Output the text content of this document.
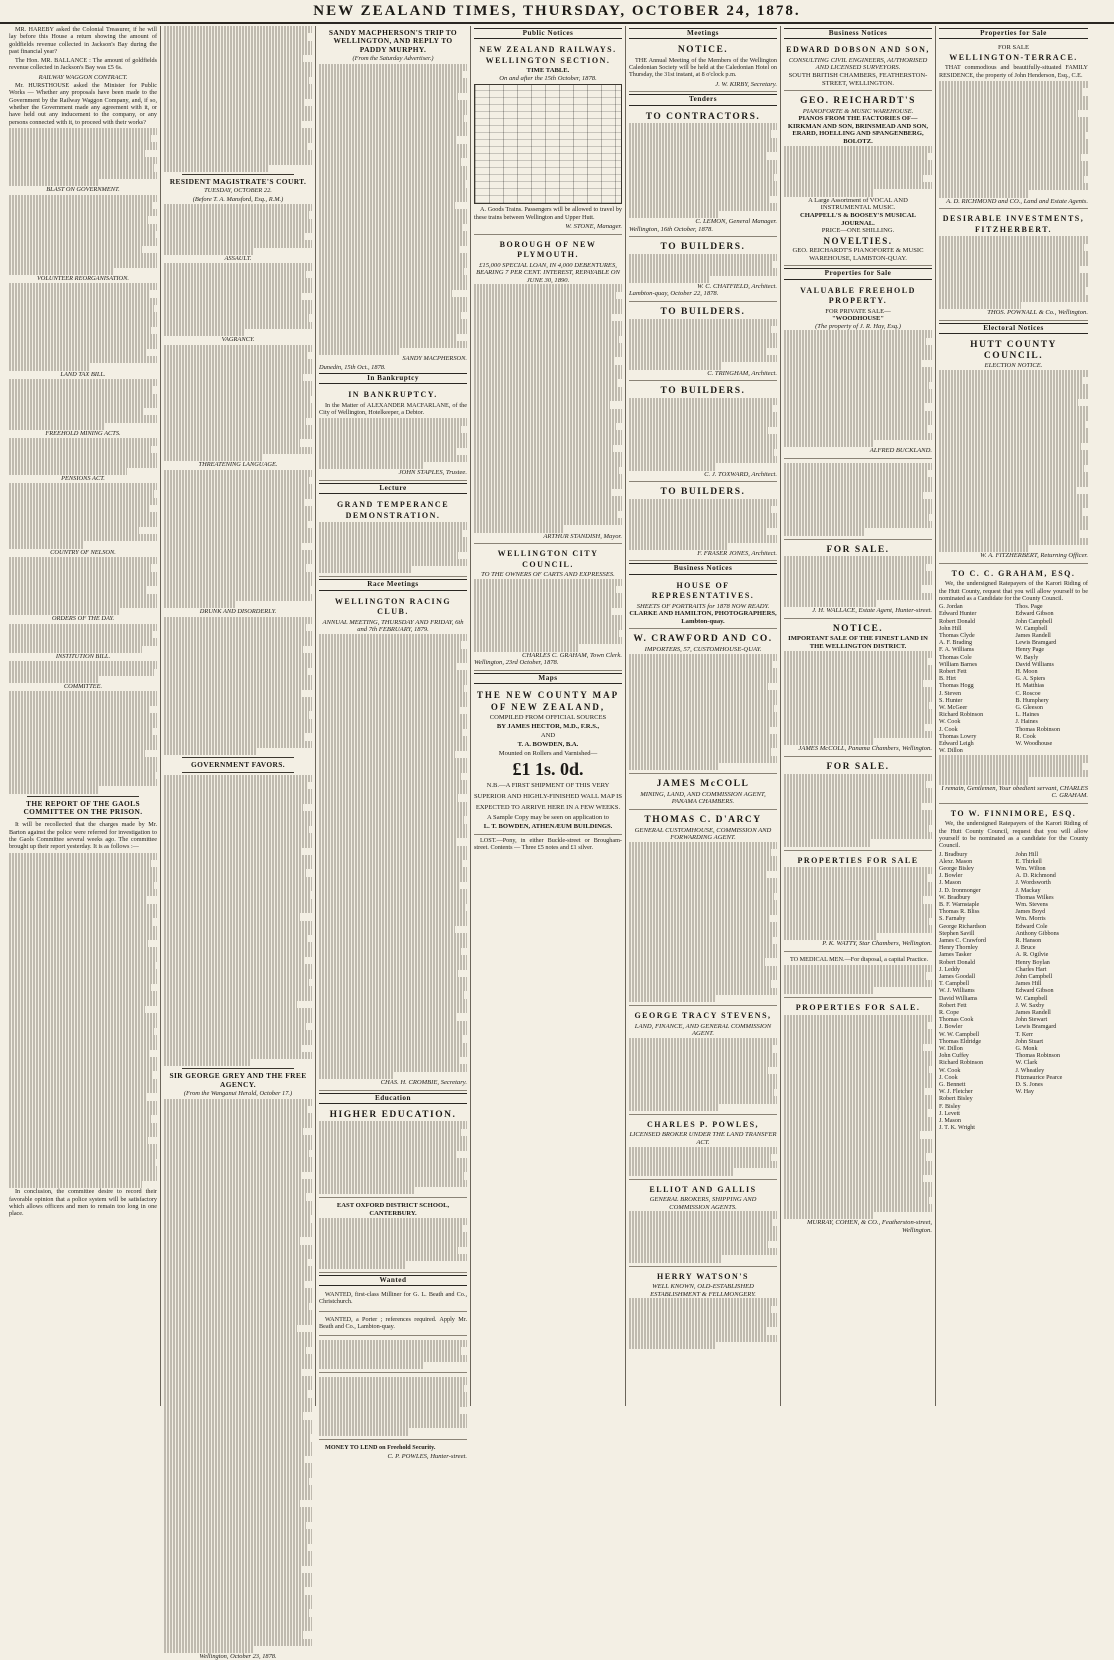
NEW ZEALAND TIMES, THURSDAY, OCTOBER 24, 1878.

MR. HAREBY asked the Colonial Treasurer, if he will lay before this House a return showing the amount of goldfields revenue collected in Jackson's Bay during the past financial year?

The Hon. MR. BALLANCE : The amount of goldfields revenue collected in Jackson's Bay was £5 6s.

RAILWAY WAGGON CONTRACT.

Mr. HURSTHOUSE asked the Minister for Public Works — Whether any proposals have been made to the Government by the Railway Waggon Company, and, if so, whether the Government made any agreement with it, or have held out any inducement to the company, or any persons connected with it, to proceed with their works?

BLAST ON GOVERNMENT.
VOLUNTEER REORGANISATION.
LAND TAX BILL.
FREEHOLD MINING ACTS.
PENSIONS ACT.
COUNTRY OF NELSON.
ORDERS OF THE DAY.
INSTITUTION BILL.
COMMITTEE.
THE REPORT OF THE GAOLS COMMITTEE ON THE PRISON.

It will be recollected that the charges made by Mr. Barton against the police were referred for investigation to the Gaols Committee several weeks ago. The committee brought up their report yesterday. It is as follows :—

In conclusion, the committee desire to record their favorable opinion that a police system will be satisfactory which allows officers and men to remain too long in one place.

RESIDENT MAGISTRATE'S COURT.
TUESDAY, OCTOBER 22.
(Before T. A. Mansford, Esq., R.M.)
ASSAULT.
VAGRANCY.
THREATENING LANGUAGE.
DRUNK AND DISORDERLY.
GOVERNMENT FAVORS.
SIR GEORGE GREY AND THE FREE AGENCY.
(From the Wanganui Herald, October 17.)
Wellington, October 23, 1878.
SANDY MACPHERSON'S TRIP TO WELLINGTON, AND REPLY TO PADDY MURPHY.
(From the Saturday Advertiser.)
SANDY MACPHERSON.
Dunedin, 15th Oct., 1878.
In Bankruptcy
IN BANKRUPTCY.

In the Matter of ALEXANDER MACFARLANE, of the City of Wellington, Hotelkeeper, a Debtor.

JOHN STAPLES, Trustee.
Lecture
GRAND TEMPERANCE DEMONSTRATION.
Race Meetings
WELLINGTON RACING CLUB.
ANNUAL MEETING, THURSDAY AND FRIDAY, 6th and 7th FEBRUARY, 1879.
CHAS. H. CROMBIE, Secretary.
Education
HIGHER EDUCATION.
EAST OXFORD DISTRICT SCHOOL, CANTERBURY.
Wanted

WANTED, first-class Milliner for G. L. Beath and Co., Christchurch.

WANTED, a Porter ; references required. Apply Mr. Beath and Co., Lambton-quay.

MONEY TO LEND on Freehold Security.

C. P. POWLES, Hunter-street.
Public Notices
NEW ZEALAND RAILWAYS. WELLINGTON SECTION.
TIME TABLE.
On and after the 15th October, 1878.

A. Goods Trains. Passengers will be allowed to travel by these trains between Wellington and Upper Hutt.

W. STONE, Manager.
BOROUGH OF NEW PLYMOUTH.
£15,000 SPECIAL LOAN, IN 4,000 DEBENTURES, BEARING 7 PER CENT. INTEREST, REPAYABLE ON JUNE 30, 1890.
ARTHUR STANDISH, Mayor.
WELLINGTON CITY COUNCIL.
TO THE OWNERS OF CARTS AND EXPRESSES.
CHARLES C. GRAHAM, Town Clerk.
Wellington, 23rd October, 1878.
Maps
THE NEW COUNTY MAP OF NEW ZEALAND,
COMPILED FROM OFFICIAL SOURCES
BY JAMES HECTOR, M.D., F.R.S.,
AND
T. A. BOWDEN, B.A.
Mounted on Rollers and Varnished—
£1 1s. 0d.
N.B.—A FIRST SHIPMENT OF THIS VERY SUPERIOR AND HIGHLY-FINISHED WALL MAP IS EXPECTED TO ARRIVE HERE IN A FEW WEEKS.
A Sample Copy may be seen on application to
L. T. BOWDEN, ATHENÆUM BUILDINGS.

LOST.—Pony, in either Buckle-street or Brougham-street. Contents — Three £5 notes and £1 silver.

Meetings
NOTICE.

THE Annual Meeting of the Members of the Wellington Caledonian Society will be held at the Caledonian Hotel on Thursday, the 31st instant, at 8 o'clock p.m.

J. W. KIRBY, Secretary.
Tenders
TO CONTRACTORS.
C. LEMON, General Manager.
Wellington, 16th October, 1878.
TO BUILDERS.
W. C. CHATFIELD, Architect.
Lambton-quay, October 22, 1878.
TO BUILDERS.
C. TRINGHAM, Architect.
TO BUILDERS.
C. J. TOXWARD, Architect.
TO BUILDERS.
F. FRASER JONES, Architect.
Business Notices
HOUSE OF REPRESENTATIVES.
SHEETS OF PORTRAITS for 1878 NOW READY.
CLARKE AND HAMILTON, PHOTOGRAPHERS, Lambton-quay.
W. CRAWFORD AND CO.
IMPORTERS, 57, CUSTOMHOUSE-QUAY.
JAMES McCOLL
MINING, LAND, AND COMMISSION AGENT, PANAMA CHAMBERS.
THOMAS C. D'ARCY
GENERAL CUSTOMHOUSE, COMMISSION AND FORWARDING AGENT.
GEORGE TRACY STEVENS,
LAND, FINANCE, AND GENERAL COMMISSION AGENT.
CHARLES P. POWLES,
LICENSED BROKER UNDER THE LAND TRANSFER ACT.
ELLIOT AND GALLIS
GENERAL BROKERS, SHIPPING AND COMMISSION AGENTS.
HERRY WATSON'S
WELL KNOWN, OLD-ESTABLISHED ESTABLISHMENT & FELLMONGERY.
Business Notices
EDWARD DOBSON AND SON,
CONSULTING CIVIL ENGINEERS, AUTHORISED AND LICENSED SURVEYORS.
SOUTH BRITISH CHAMBERS, FEATHERSTON-STREET, WELLINGTON.
GEO. REICHARDT'S
PIANOFORTE & MUSIC WAREHOUSE.
PIANOS FROM THE FACTORIES OF— KIRKMAN AND SON, BRINSMEAD AND SON, ERARD, HOELLING AND SPANGENBERG, BOLOTZ.
A Large Assortment of VOCAL AND INSTRUMENTAL MUSIC.
CHAPPELL'S & BOOSEY'S MUSICAL JOURNAL.
PRICE—ONE SHILLING.
NOVELTIES.
GEO. REICHARDT'S PIANOFORTE & MUSIC WAREHOUSE, LAMBTON-QUAY.
Properties for Sale
VALUABLE FREEHOLD PROPERTY.
FOR PRIVATE SALE—
"WOODHOUSE"
(The property of J. R. Hay, Esq.)
ALFRED BUCKLAND.
FOR SALE.
J. H. WALLACE, Estate Agent, Hunter-street.
NOTICE.
IMPORTANT SALE OF THE FINEST LAND IN THE WELLINGTON DISTRICT.
JAMES McCOLL, Panama Chambers, Wellington.
FOR SALE.
PROPERTIES FOR SALE
P. K. WATTY, Star Chambers, Wellington.

TO MEDICAL MEN.—For disposal, a capital Practice.

PROPERTIES FOR SALE.
MURRAY, COHEN, & CO., Featherston-street, Wellington.
Properties for Sale
FOR SALE
WELLINGTON-TERRACE.

THAT commodious and beautifully-situated FAMILY RESIDENCE, the property of John Henderson, Esq., C.E.

A. D. RICHMOND and CO., Land and Estate Agents.
DESIRABLE INVESTMENTS, FITZHERBERT.
THOS. POWNALL & Co., Wellington.
Electoral Notices
HUTT COUNTY COUNCIL.
ELECTION NOTICE.
W. A. FITZHERBERT, Returning Officer.
TO C. C. GRAHAM, ESQ.

We, the undersigned Ratepayers of the Karori Riding of the Hutt County, request that you will allow yourself to be nominated as a Candidate for the County Council.

G. Jordan
Edward Hunter
Robert Donald
John Hill
Thomas Clyde
A. F. Brading
F. A. Williams
Thomas Cole
William Barnes
Robert Fett
B. Hirt
Thomas Hogg
J. Steven
S. Hunter
W. McGeer
Richard Robinson
W. Cook
J. Cook
Thomas Lowry
Edward Leigh
W. Dillon
Thos. Page
Edward Gibson
John Campbell
W. Campbell
James Randell
Lewis Bramgard
Henry Page
W. Bayly
David Williams
H. Moon
G. A. Spiers
H. Matthias
C. Roscoe
B. Humphery
G. Gleeson
L. Haines
J. Haines
Thomas Robinson
R. Cook
W. Woodhouse
I remain, Gentlemen, Your obedient servant, CHARLES C. GRAHAM.
TO W. FINNIMORE, ESQ.

We, the undersigned Ratepayers of the Karori Riding of the Hutt County Council, request that you will allow yourself to be nominated as a candidate for the County Council.

J. Bradbury
Alexr. Mason
George Bisley
J. Bowler
J. Mason
J. D. Ironmonger
W. Bradbury
B. F. Warnstaple
Thomas R. Bliss
S. Farnaby
George Richardson
Stephen Savill
James C. Crawford
Henry Thornley
James Tasker
Robert Donald
J. Leddy
James Goodall
T. Campbell
W. J. Williams
David Williams
Robert Fett
R. Cope
Thomas Cook
J. Bowler
W. W. Campbell
Thomas Eldridge
W. Dillon
John Cuffey
Richard Robinson
W. Cook
J. Cook
G. Bennett
W. J. Fletcher
Robert Bisley
F. Bisley
J. Levett
J. Mason
J. T. K. Wright
John Hill
E. Thirkell
Wm. Wilton
A. D. Richmond
J. Wordsworth
J. Mackay
Thomas Wilkes
Wm. Stevens
James Boyd
Wm. Morris
Edward Cole
Anthony Gibbons
R. Hanson
J. Bruce
A. R. Ogilvie
Henry Boylan
Charles Hart
John Campbell
James Hill
Edward Gibson
W. Campbell
J. W. Saxby
James Randell
John Stewart
Lewis Bramgard
T. Kerr
John Stuart
G. Monk
Thomas Robinson
W. Clark
J. Wheatley
Fitzmaurice Pearce
D. S. Jones
W. Hay
